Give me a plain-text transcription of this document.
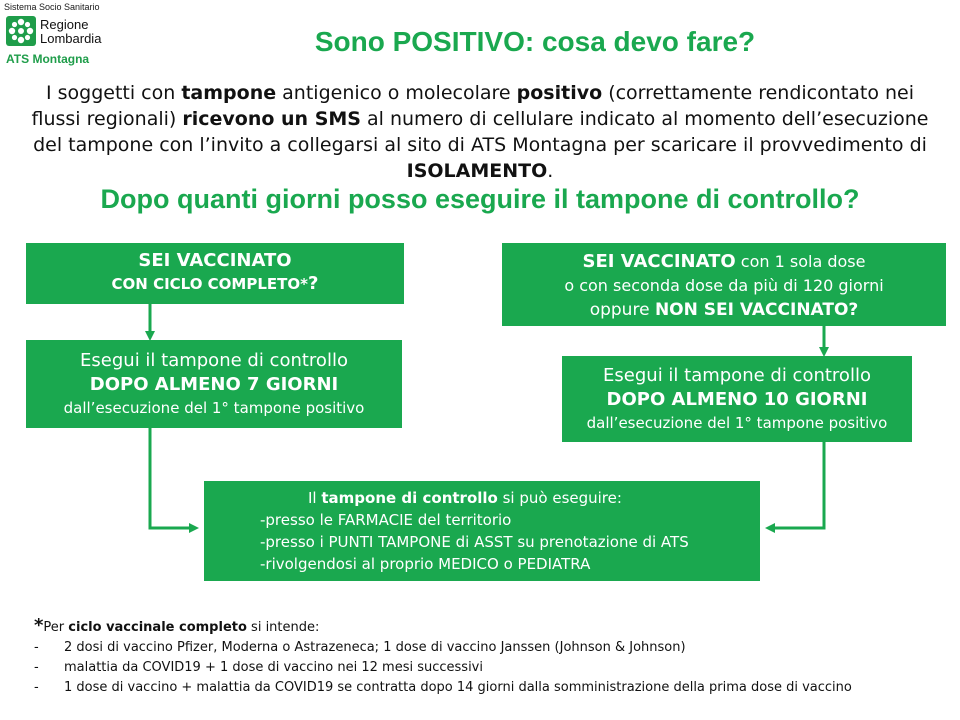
Sistema Socio Sanitario
Regione
Lombardia
ATS Montagna
Sono POSITIVO: cosa devo fare?
I soggetti con tampone antigenico o molecolare positivo (correttamente rendicontato nei flussi regionali) ricevono un SMS al numero di cellulare indicato al momento dell’esecuzione del tampone con l’invito a collegarsi al sito di ATS Montagna per scaricare il provvedimento di ISOLAMENTO.
Dopo quanti giorni posso eseguire il tampone di controllo?
SEI VACCINATO
CON CICLO COMPLETO*?
Esegui il tampone di controllo
DOPO ALMENO 7 GIORNI
dall’esecuzione del 1° tampone positivo
SEI VACCINATO con 1 sola dose
o con seconda dose da più di 120 giorni
oppure NON SEI VACCINATO?
Esegui il tampone di controllo
DOPO ALMENO 10 GIORNI
dall’esecuzione del 1° tampone positivo
Il tampone di controllo si può eseguire:
-presso le FARMACIE del territorio
-presso i PUNTI TAMPONE di ASST su prenotazione di ATS
-rivolgendosi al proprio MEDICO o PEDIATRA
*Per ciclo vaccinale completo si intende:
- 2 dosi di vaccino Pfizer, Moderna o Astrazeneca; 1 dose di vaccino Janssen (Johnson & Johnson)
- malattia da COVID19 + 1 dose di vaccino nei 12 mesi successivi
- 1 dose di vaccino + malattia da COVID19 se contratta dopo 14 giorni dalla somministrazione della prima dose di vaccino
